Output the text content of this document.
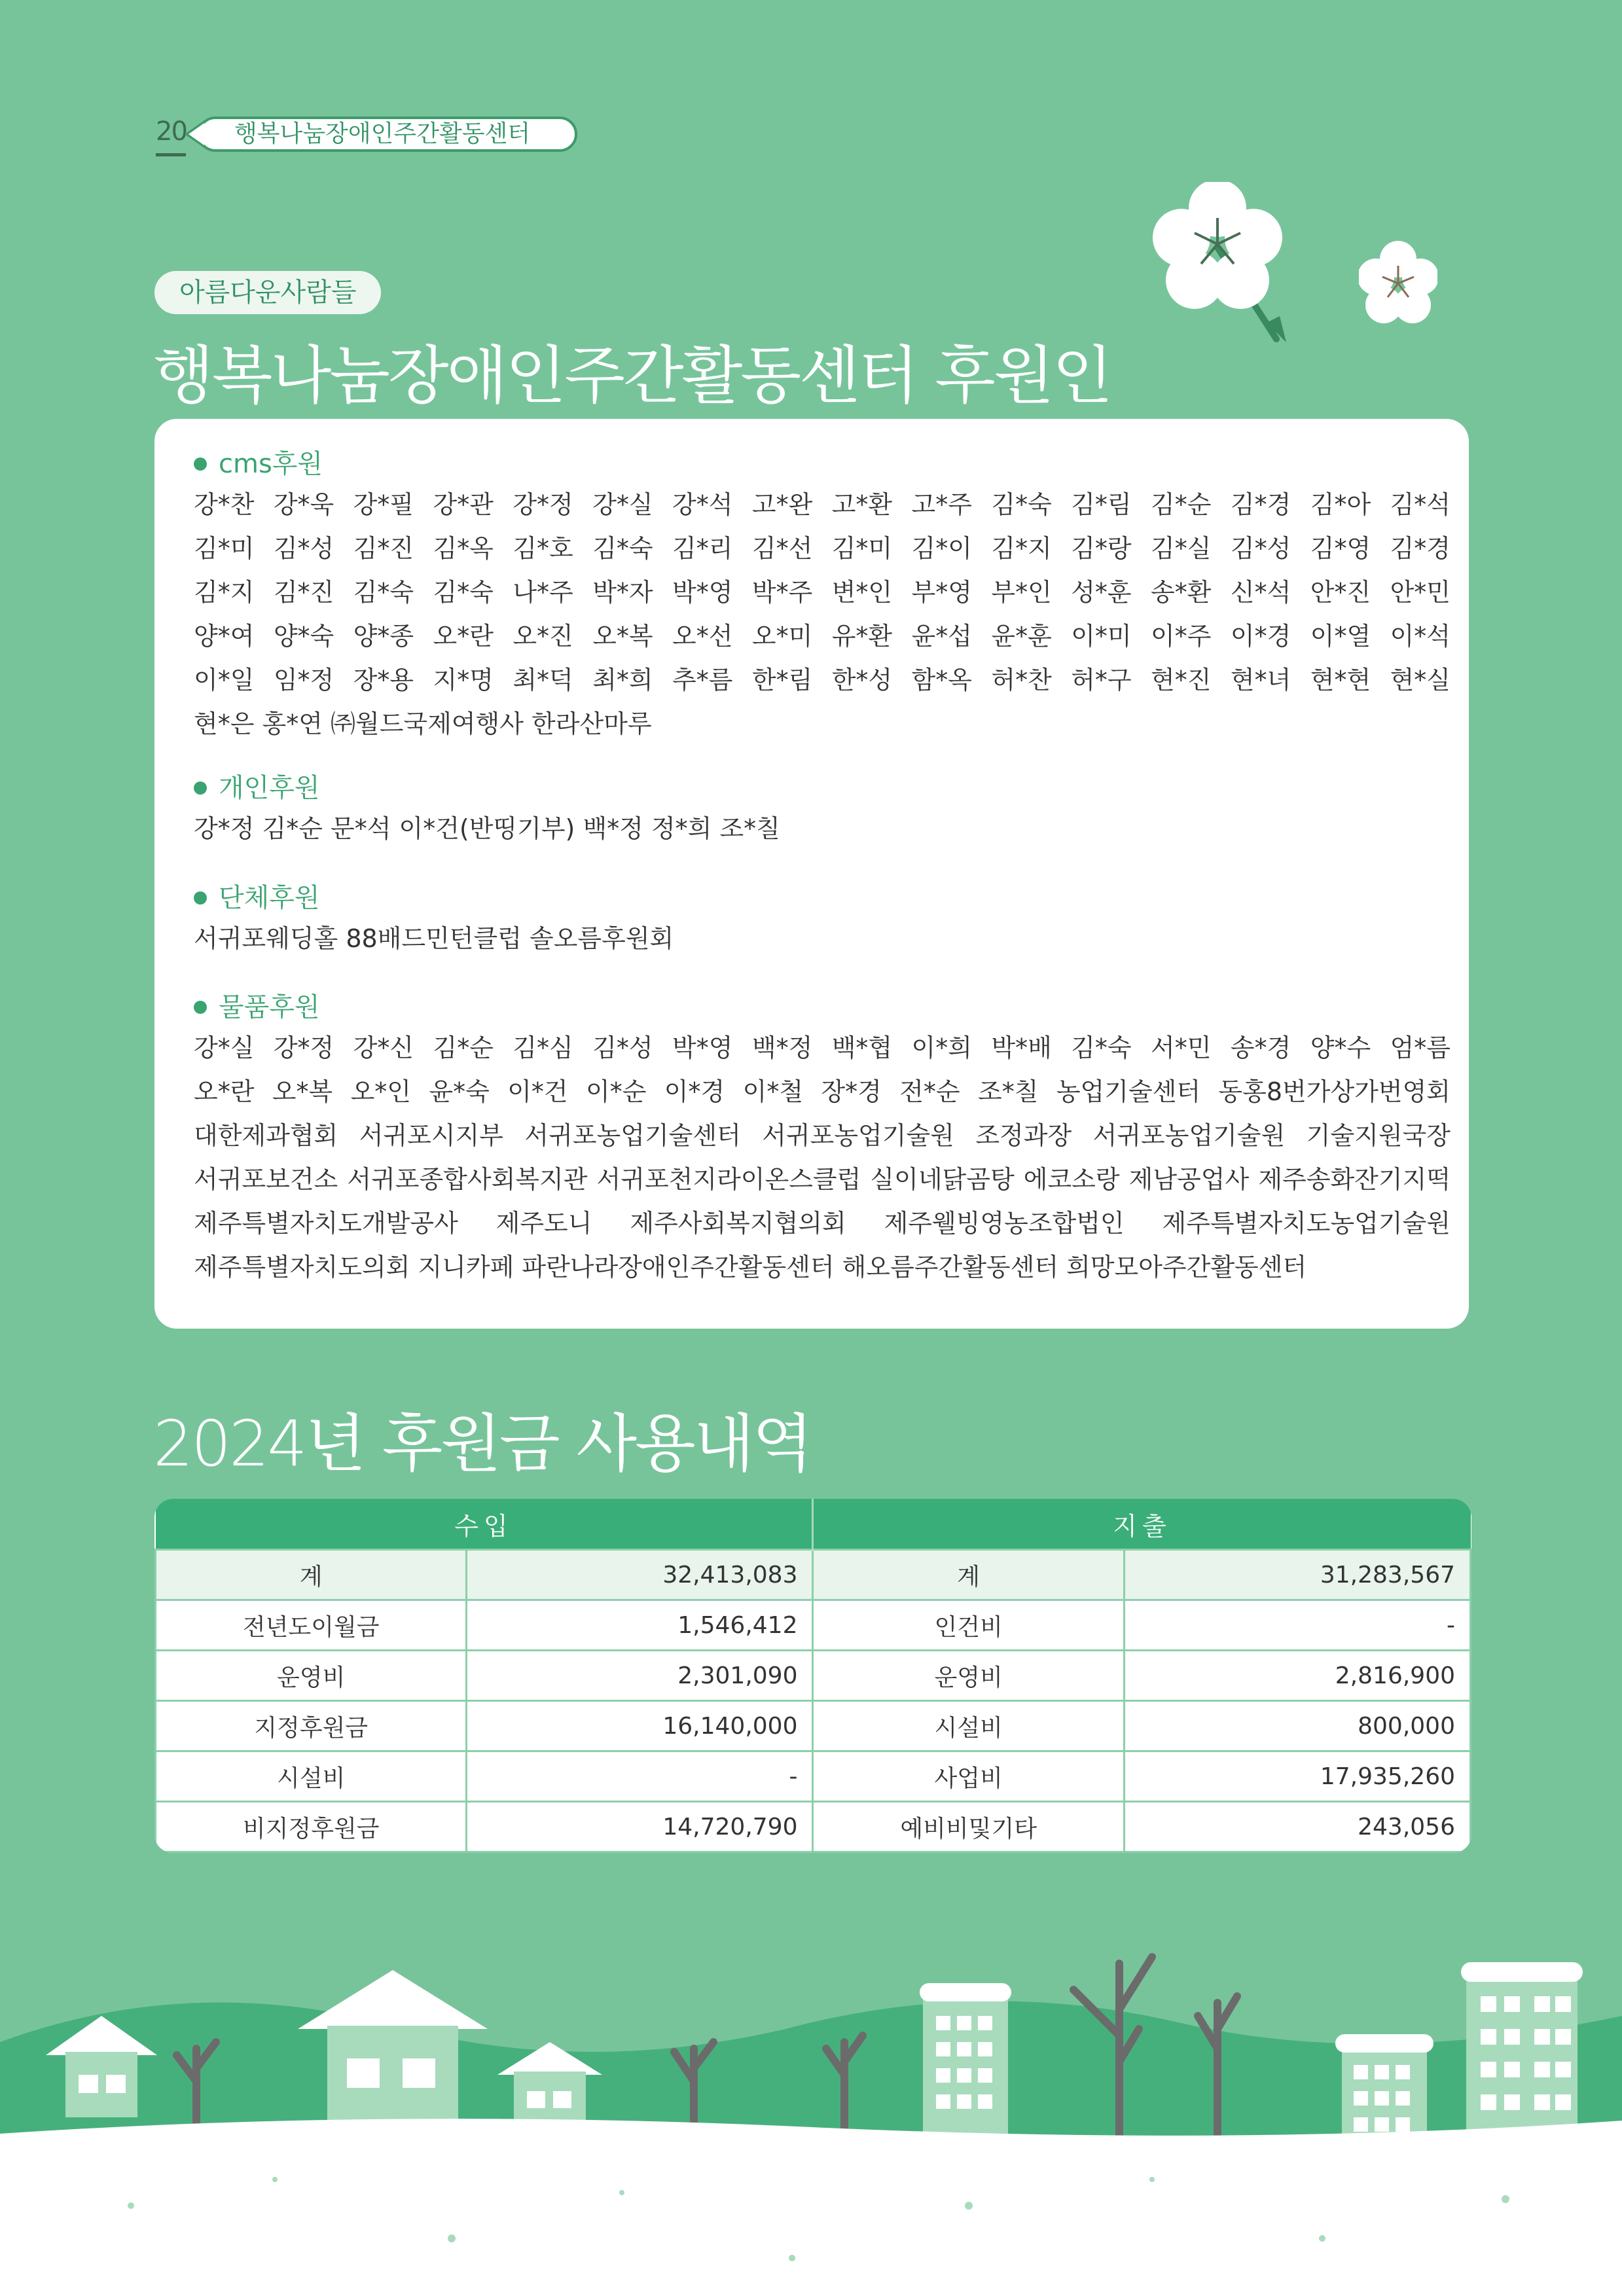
20	행복나눔장애인주간활동센터
아름다운사람들
행복나눔장애인주간활동센터 후원인
cms후원
강*찬 강*욱 강*필 강*관 강*정 강*실 강*석 고*완 고*환 고*주 김*숙 김*림 김*순 김*경 김*아 김*석
김*미 김*성 김*진 김*옥 김*호 김*숙 김*리 김*선 김*미 김*이 김*지 김*랑 김*실 김*성 김*영 김*경
김*지 김*진 김*숙 김*숙 나*주 박*자 박*영 박*주 변*인 부*영 부*인 성*훈 송*환 신*석 안*진 안*민
양*여 양*숙 양*종 오*란 오*진 오*복 오*선 오*미 유*환 윤*섭 윤*훈 이*미 이*주 이*경 이*열 이*석
이*일 임*정 장*용 지*명 최*덕 최*희 추*름 한*림 한*성 함*옥 허*찬 허*구 현*진 현*녀 현*현 현*실
현*은 홍*연 ㈜월드국제여행사 한라산마루
개인후원
강*정 김*순 문*석 이*건(반띵기부) 백*정 정*희 조*칠
단체후원
서귀포웨딩홀 88배드민턴클럽 솔오름후원회
물품후원
강*실 강*정 강*신 김*순 김*심 김*성 박*영 백*정 백*협 이*희 박*배 김*숙 서*민 송*경 양*수 엄*름
오*란 오*복 오*인 윤*숙 이*건 이*순 이*경 이*철 장*경 전*순 조*칠 농업기술센터 동홍8번가상가번영회
대한제과협회 서귀포시지부 서귀포농업기술센터 서귀포농업기술원 조정과장 서귀포농업기술원 기술지원국장
서귀포보건소 서귀포종합사회복지관 서귀포천지라이온스클럽 실이네닭곰탕 에코소랑 제남공업사 제주송화잔기지떡
제주특별자치도개발공사 제주도니 제주사회복지협의회 제주웰빙영농조합법인 제주특별자치도농업기술원
제주특별자치도의회 지니카페 파란나라장애인주간활동센터 해오름주간활동센터 희망모아주간활동센터
2024년 후원금 사용내역
수입		지출	
계	32,413,083	계	31,283,567
전년도이월금	1,546,412	인건비	-
운영비	2,301,090	운영비	2,816,900
지정후원금	16,140,000	시설비	800,000
시설비	-	사업비	17,935,260
비지정후원금	14,720,790	예비비및기타	243,056
